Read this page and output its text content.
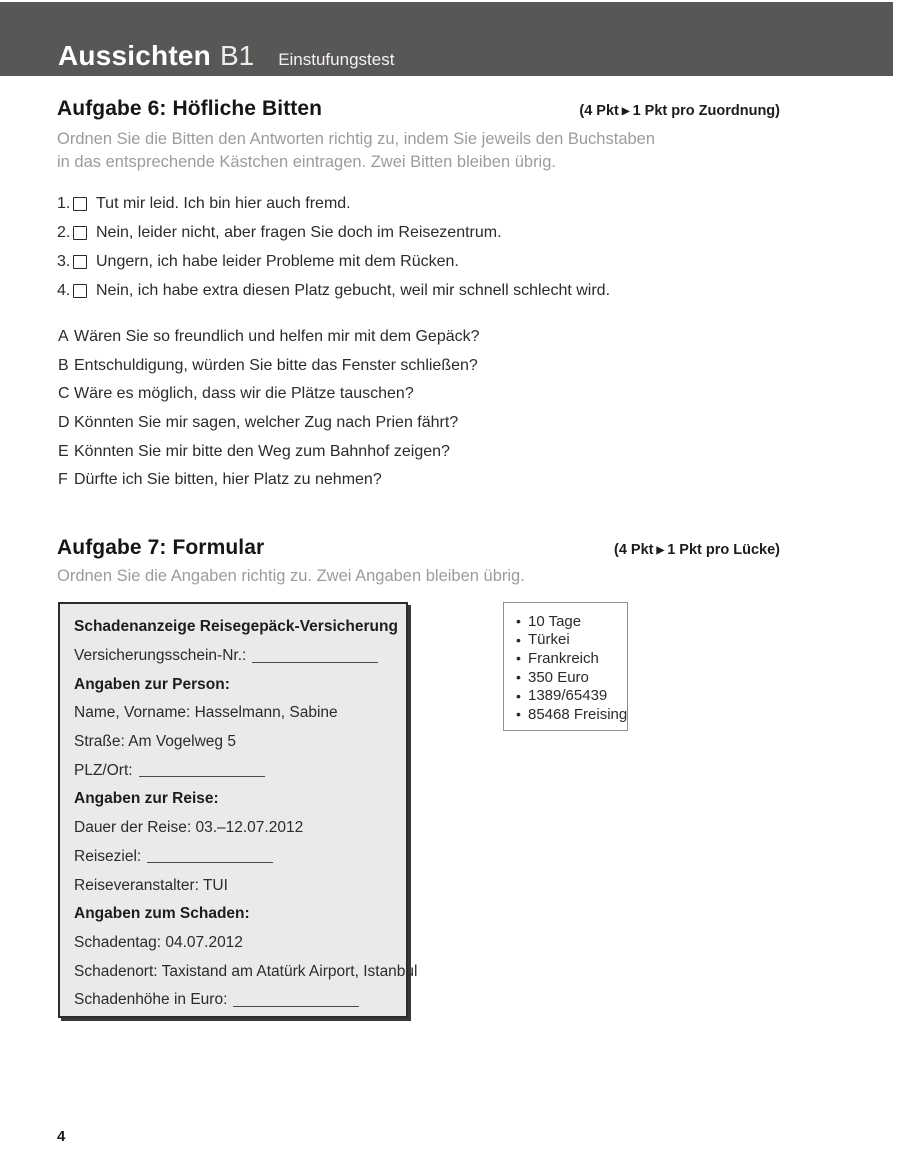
Aussichten B1 Einstufungstest
Aufgabe 6: Höfliche Bitten	(4 Pkt ▶ 1 Pkt pro Zuordnung)
Ordnen Sie die Bitten den Antworten richtig zu, indem Sie jeweils den Buchstaben
in das entsprechende Kästchen eintragen. Zwei Bitten bleiben übrig.
1. Tut mir leid. Ich bin hier auch fremd.
2. Nein, leider nicht, aber fragen Sie doch im Reisezentrum.
3. Ungern, ich habe leider Probleme mit dem Rücken.
4. Nein, ich habe extra diesen Platz gebucht, weil mir schnell schlecht wird.
A Wären Sie so freundlich und helfen mir mit dem Gepäck?
B Entschuldigung, würden Sie bitte das Fenster schließen?
C Wäre es möglich, dass wir die Plätze tauschen?
D Könnten Sie mir sagen, welcher Zug nach Prien fährt?
E Könnten Sie mir bitte den Weg zum Bahnhof zeigen?
F Dürfte ich Sie bitten, hier Platz zu nehmen?
Aufgabe 7: Formular	(4 Pkt ▶ 1 Pkt pro Lücke)
Ordnen Sie die Angaben richtig zu. Zwei Angaben bleiben übrig.
Schadenanzeige Reisegepäck-Versicherung
Versicherungsschein-Nr.:
Angaben zur Person:
Name, Vorname: Hasselmann, Sabine
Straße: Am Vogelweg 5
PLZ/Ort:
Angaben zur Reise:
Dauer der Reise: 03.–12.07.2012
Reiseziel:
Reiseveranstalter: TUI
Angaben zum Schaden:
Schadentag: 04.07.2012
Schadenort: Taxistand am Atatürk Airport, Istanbul
Schadenhöhe in Euro:
• 10 Tage
• Türkei
• Frankreich
• 350 Euro
• 1389/65439
• 85468 Freising
4
